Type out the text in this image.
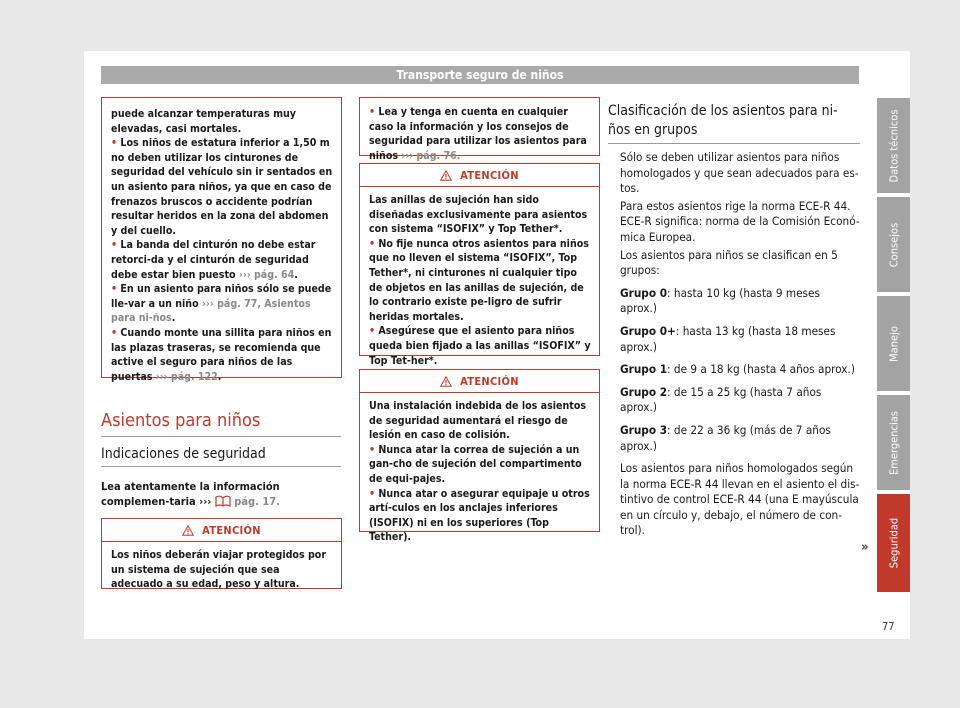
Transporte seguro de niños

puede alcanzar temperaturas muy elevadas, casi mortales.

• Los niños de estatura inferior a 1,50 m no deben utilizar los cinturones de seguridad del vehículo sin ir sentados en un asiento para niños, ya que en caso de frenazos bruscos o accidente podrían resultar heridos en la zona del abdomen y del cuello.

• La banda del cinturón no debe estar retorci-da y el cinturón de seguridad debe estar bien puesto ››› pág. 64.

• En un asiento para niños sólo se puede lle-var a un niño ››› pág. 77, Asientos para ni-ños.

• Cuando monte una sillita para niños en las plazas traseras, se recomienda que active el seguro para niños de las puertas ››› pág. 122.

Asientos para niños
Indicaciones de seguridad
Lea atentamente la información complemen-taria ››› pág. 17.
ATENCIÓN

Los niños deberán viajar protegidos por un sistema de sujeción que sea adecuado a su edad, peso y altura.

• Lea y tenga en cuenta en cualquier caso la información y los consejos de seguridad para utilizar los asientos para niños ››› pág. 76.

ATENCIÓN

Las anillas de sujeción han sido diseñadas exclusivamente para asientos con sistema “ISOFIX” y Top Tether*.

• No fije nunca otros asientos para niños que no lleven el sistema “ISOFIX”, Top Tether*, ni cinturones ni cualquier tipo de objetos en las anillas de sujeción, de lo contrario existe pe-ligro de sufrir heridas mortales.

• Asegúrese que el asiento para niños queda bien fijado a las anillas “ISOFIX” y Top Tet-her*.

ATENCIÓN

Una instalación indebida de los asientos de seguridad aumentará el riesgo de lesión en caso de colisión.

• Nunca atar la correa de sujeción a un gan-cho de sujeción del compartimento de equi-pajes.

• Nunca atar o asegurar equipaje u otros artí-culos en los anclajes inferiores (ISOFIX) ni en los superiores (Top Tether).

Clasificación de los asientos para ni-ños en grupos

Sólo se deben utilizar asientos para niños homologados y que sean adecuados para es-tos.

Para estos asientos rige la norma ECE-R 44. ECE-R significa: norma de la Comisión Econó-mica Europea.

Los asientos para niños se clasifican en 5 grupos:

Grupo 0: hasta 10 kg (hasta 9 meses aprox.)

Grupo 0+: hasta 13 kg (hasta 18 meses aprox.)

Grupo 1: de 9 a 18 kg (hasta 4 años aprox.)

Grupo 2: de 15 a 25 kg (hasta 7 años aprox.)

Grupo 3: de 22 a 36 kg (más de 7 años aprox.)

Los asientos para niños homologados según la norma ECE-R 44 llevan en el asiento el dis-tintivo de control ECE-R 44 (una E mayúscula en un círculo y, debajo, el número de con-trol).

»
Datos técnicos
Consejos
Manejo
Emergencias
Seguridad
77
